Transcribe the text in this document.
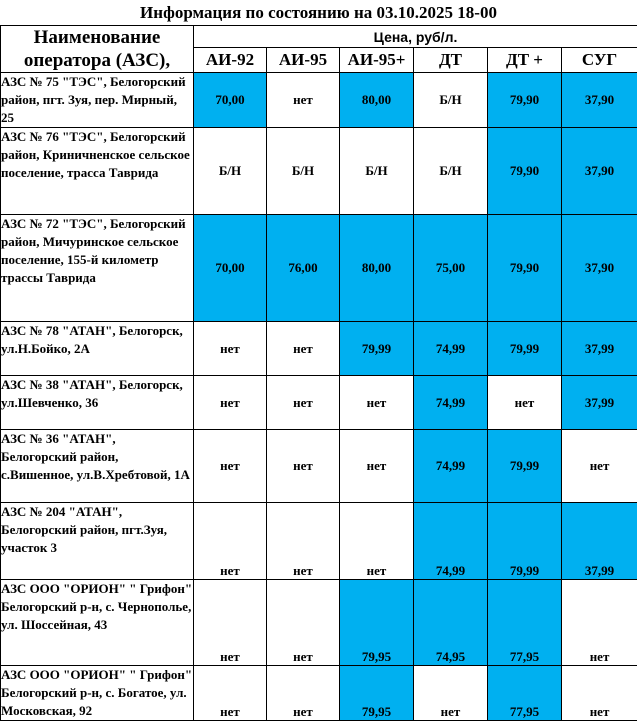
Информация по состоянию на 03.10.2025 18-00
Наименование оператора (АЗС),	Цена, руб/л.					
	АИ-92	АИ-95	АИ-95+	ДТ	ДТ +	СУГ
АЗС № 75 "ТЭС", Белогорский район, пгт. Зуя, пер. Мирный, 25	70,00	нет	80,00	Б/Н	79,90	37,90
АЗС № 76 "ТЭС", Белогорский район, Криничненское сельское поселение, трасса Таврида	Б/Н	Б/Н	Б/Н	Б/Н	79,90	37,90
АЗС № 72 "ТЭС", Белогорский район, Мичуринское сельское поселение, 155-й километр трассы Таврида	70,00	76,00	80,00	75,00	79,90	37,90
АЗС № 78 "АТАН", Белогорск, ул.Н.Бойко, 2А	нет	нет	79,99	74,99	79,99	37,99
АЗС № 38 "АТАН", Белогорск, ул.Шевченко, 36	нет	нет	нет	74,99	нет	37,99
АЗС № 36 "АТАН", Белогорский район, с.Вишенное, ул.В.Хребтовой, 1А	нет	нет	нет	74,99	79,99	нет
АЗС № 204 "АТАН", Белогорский район, пгт.Зуя, участок 3	нет	нет	нет	74,99	79,99	37,99
АЗС ООО "ОРИОН" " Грифон" Белогорский р-н, с. Чернополье, ул. Шоссейная, 43	нет	нет	79,95	74,95	77,95	нет
АЗС ООО "ОРИОН" " Грифон" Белогорский р-н, с. Богатое, ул. Московская, 92	нет	нет	79,95	нет	77,95	нет
